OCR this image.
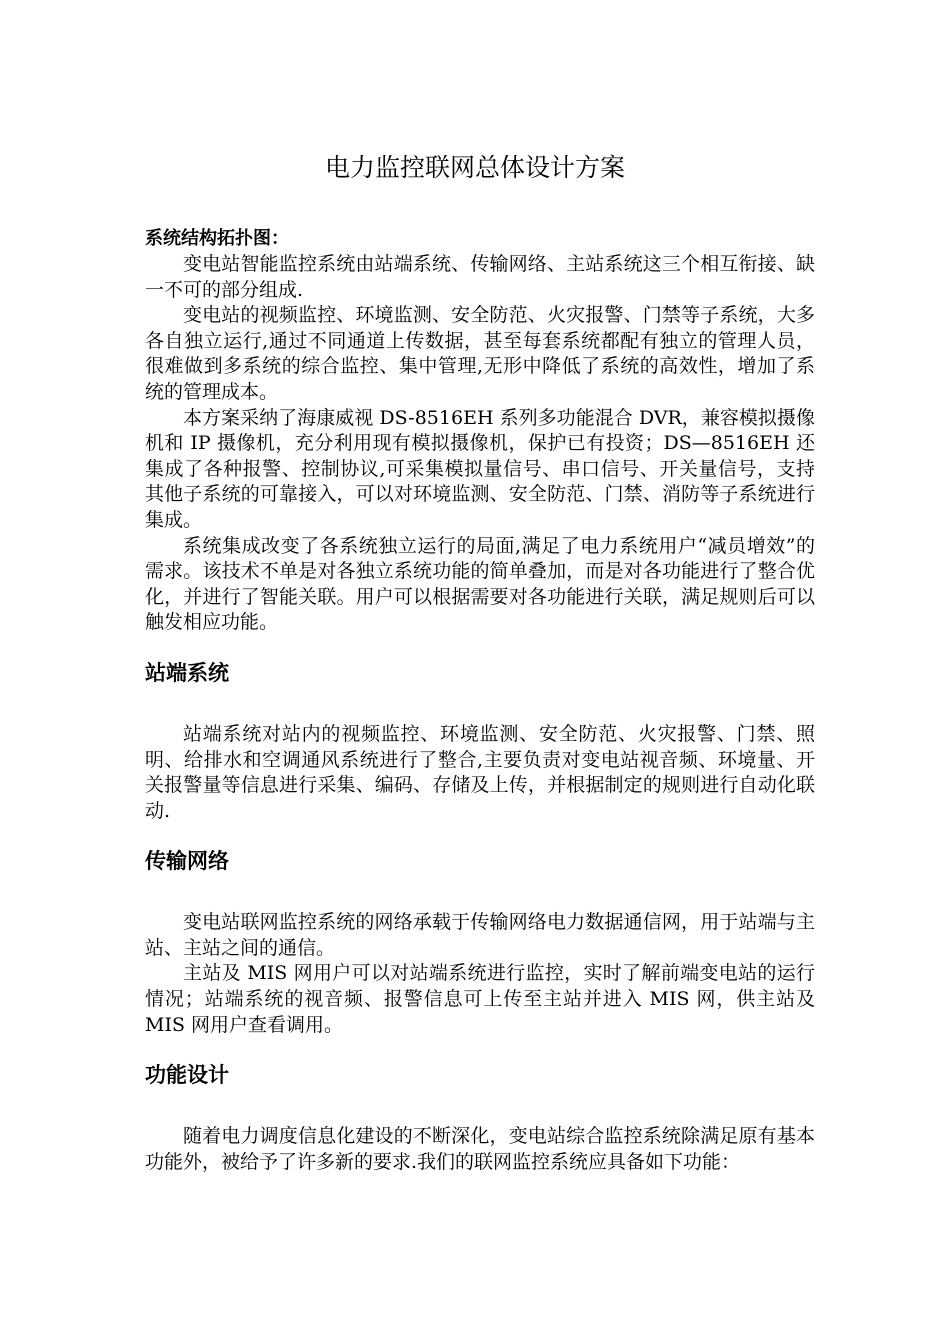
电力监控联网总体设计方案

系统结构拓扑图：

变电站智能监控系统由站端系统、传输网络、主站系统这三个相互衔接、缺一不可的部分组成.

变电站的视频监控、环境监测、安全防范、火灾报警、门禁等子系统，大多各自独立运行,通过不同通道上传数据，甚至每套系统都配有独立的管理人员，很难做到多系统的综合监控、集中管理,无形中降低了系统的高效性，增加了系统的管理成本。

本方案采纳了海康威视 DS-8516EH 系列多功能混合 DVR，兼容模拟摄像机和 IP 摄像机，充分利用现有模拟摄像机，保护已有投资；DS—8516EH 还集成了各种报警、控制协议,可采集模拟量信号、串口信号、开关量信号，支持其他子系统的可靠接入，可以对环境监测、安全防范、门禁、消防等子系统进行集成。

系统集成改变了各系统独立运行的局面,满足了电力系统用户“减员增效”的需求。该技术不单是对各独立系统功能的简单叠加，而是对各功能进行了整合优化，并进行了智能关联。用户可以根据需要对各功能进行关联，满足规则后可以触发相应功能。

站端系统

站端系统对站内的视频监控、环境监测、安全防范、火灾报警、门禁、照明、给排水和空调通风系统进行了整合,主要负责对变电站视音频、环境量、开关报警量等信息进行采集、编码、存储及上传，并根据制定的规则进行自动化联动.

传输网络

变电站联网监控系统的网络承载于传输网络电力数据通信网，用于站端与主站、主站之间的通信。

主站及 MIS 网用户可以对站端系统进行监控，实时了解前端变电站的运行情况；站端系统的视音频、报警信息可上传至主站并进入 MIS 网，供主站及 MIS 网用户查看调用。

功能设计

随着电力调度信息化建设的不断深化，变电站综合监控系统除满足原有基本功能外，被给予了许多新的要求.我们的联网监控系统应具备如下功能：
